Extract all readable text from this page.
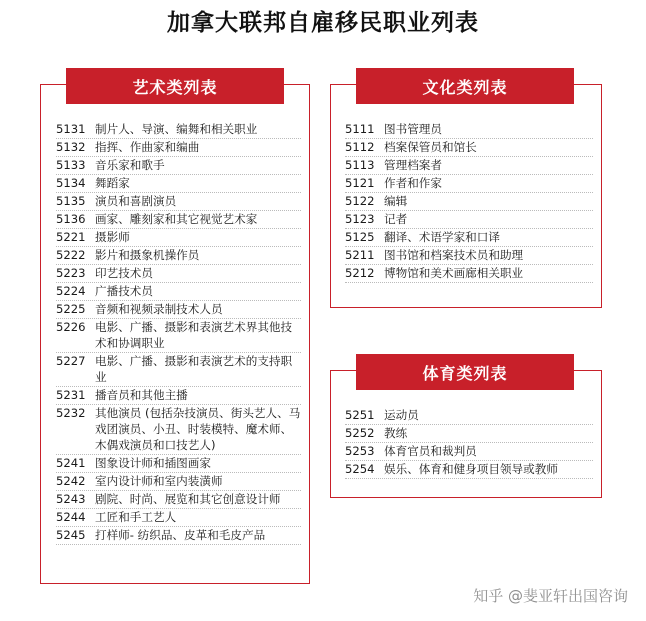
加拿大联邦自雇移民职业列表
艺术类列表
5131 制片人、导演、编舞和相关职业
5132 指挥、作曲家和编曲
5133 音乐家和歌手
5134 舞蹈家
5135 演员和喜剧演员
5136 画家、雕刻家和其它视觉艺术家
5221 摄影师
5222 影片和摄象机操作员
5223 印艺技术员
5224 广播技术员
5225 音频和视频录制技术人员
5226 电影、广播、摄影和表演艺术界其他技术和协调职业
5227 电影、广播、摄影和表演艺术的支持职业
5231 播音员和其他主播
5232 其他演员 (包括杂技演员、街头艺人、马戏团演员、小丑、时装模特、魔术师、木偶戏演员和口技艺人)
5241 图象设计师和插图画家
5242 室内设计师和室内装潢师
5243 剧院、时尚、展览和其它创意设计师
5244 工匠和手工艺人
5245 打样师- 纺织品、皮革和毛皮产品
文化类列表
5111 图书管理员
5112 档案保管员和馆长
5113 管理档案者
5121 作者和作家
5122 编辑
5123 记者
5125 翻译、术语学家和口译
5211 图书馆和档案技术员和助理
5212 博物馆和美术画廊相关职业
体育类列表
5251 运动员
5252 教练
5253 体育官员和裁判员
5254 娱乐、体育和健身项目领导或教师
知乎 @斐亚轩出国咨询
